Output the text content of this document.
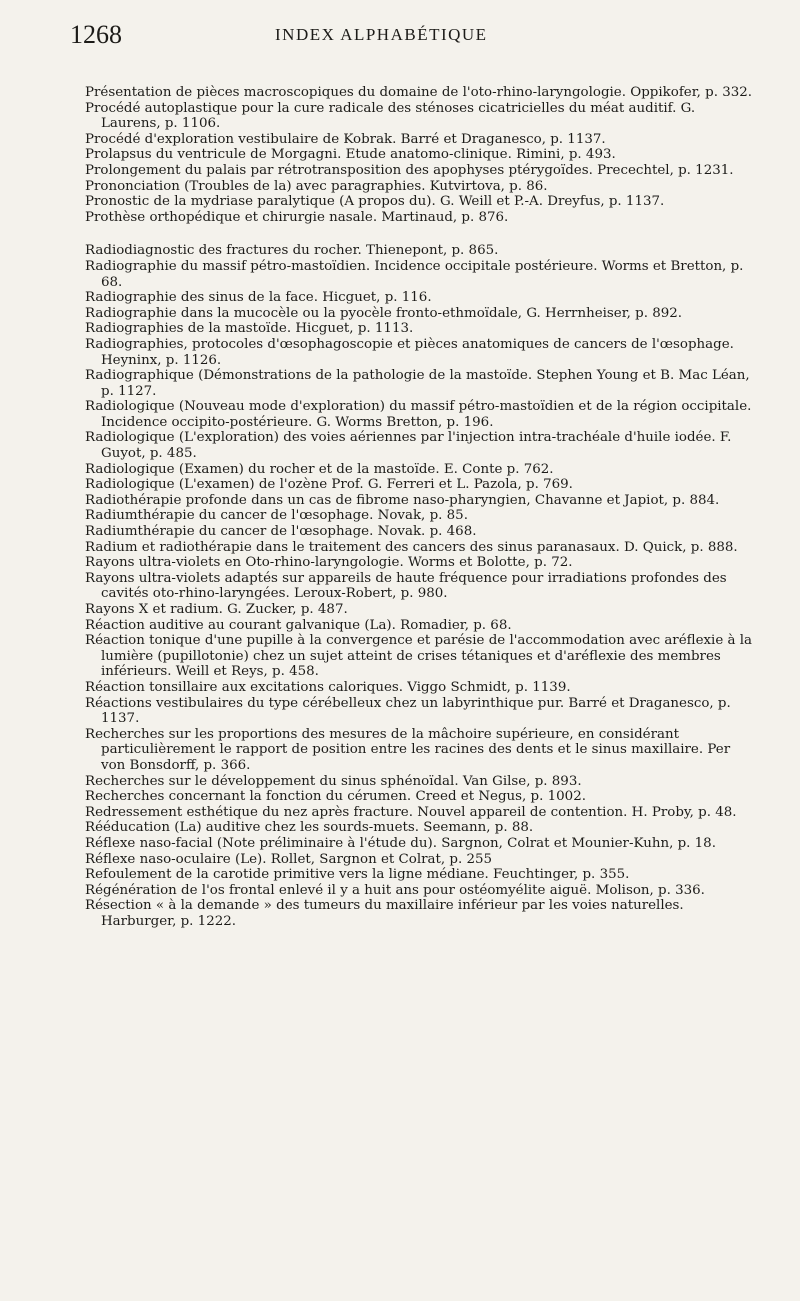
1268	INDEX ALPHABÉTIQUE

Présentation de pièces macroscopiques du domaine de l'oto-rhino-laryngologie. Oppikofer, p. 332.

Procédé autoplastique pour la cure radicale des sténoses cicatricielles du méat auditif. G. Laurens, p. 1106.

Procédé d'exploration vestibulaire de Kobrak. Barré et Draganesco, p. 1137.

Prolapsus du ventricule de Morgagni. Etude anatomo-clinique. Rimini, p. 493.

Prolongement du palais par rétrotransposition des apophyses ptérygoïdes. Precechtel, p. 1231.

Prononciation (Troubles de la) avec paragraphies. Kutvirtova, p. 86.

Pronostic de la mydriase paralytique (A propos du). G. Weill et P.-A. Dreyfus, p. 1137.

Prothèse orthopédique et chirurgie nasale. Martinaud, p. 876.

Radiodiagnostic des fractures du rocher. Thienepont, p. 865.

Radiographie du massif pétro-mastoïdien. Incidence occipitale postérieure. Worms et Bretton, p. 68.

Radiographie des sinus de la face. Hicguet, p. 116.

Radiographie dans la mucocèle ou la pyocèle fronto-ethmoïdale, G. Herrnheiser, p. 892.

Radiographies de la mastoïde. Hicguet, p. 1113.

Radiographies, protocoles d'œsophagoscopie et pièces anatomiques de cancers de l'œsophage. Heyninx, p. 1126.

Radiographique (Démonstrations de la pathologie de la mastoïde. Stephen Young et B. Mac Léan, p. 1127.

Radiologique (Nouveau mode d'exploration) du massif pétro-mastoïdien et de la région occipitale. Incidence occipito-postérieure. G. Worms Bretton, p. 196.

Radiologique (L'exploration) des voies aériennes par l'injection intra-trachéale d'huile iodée. F. Guyot, p. 485.

Radiologique (Examen) du rocher et de la mastoïde. E. Conte p. 762.

Radiologique (L'examen) de l'ozène Prof. G. Ferreri et L. Pazola, p. 769.

Radiothérapie profonde dans un cas de fibrome naso-pharyngien, Chavanne et Japiot, p. 884.

Radiumthérapie du cancer de l'œsophage. Novak, p. 85.

Radiumthérapie du cancer de l'œsophage. Novak. p. 468.

Radium et radiothérapie dans le traitement des cancers des sinus paranasaux. D. Quick, p. 888.

Rayons ultra-violets en Oto-rhino-laryngologie. Worms et Bolotte, p. 72.

Rayons ultra-violets adaptés sur appareils de haute fréquence pour irradiations profondes des cavités oto-rhino-laryngées. Leroux-Robert, p. 980.

Rayons X et radium. G. Zucker, p. 487.

Réaction auditive au courant galvanique (La). Romadier, p. 68.

Réaction tonique d'une pupille à la convergence et parésie de l'accommodation avec aréflexie à la lumière (pupillotonie) chez un sujet atteint de crises tétaniques et d'aréflexie des membres inférieurs. Weill et Reys, p. 458.

Réaction tonsillaire aux excitations caloriques. Viggo Schmidt, p. 1139.

Réactions vestibulaires du type cérébelleux chez un labyrinthique pur. Barré et Draganesco, p. 1137.

Recherches sur les proportions des mesures de la mâchoire supérieure, en considérant particulièrement le rapport de position entre les racines des dents et le sinus maxillaire. Per von Bonsdorff, p. 366.

Recherches sur le développement du sinus sphénoïdal. Van Gilse, p. 893.

Recherches concernant la fonction du cérumen. Creed et Negus, p. 1002.

Redressement esthétique du nez après fracture. Nouvel appareil de contention. H. Proby, p. 48.

Rééducation (La) auditive chez les sourds-muets. Seemann, p. 88.

Réflexe naso-facial (Note préliminaire à l'étude du). Sargnon, Colrat et Mounier-Kuhn, p. 18.

Réflexe naso-oculaire (Le). Rollet, Sargnon et Colrat, p. 255

Refoulement de la carotide primitive vers la ligne médiane. Feuchtinger, p. 355.

Régénération de l'os frontal enlevé il y a huit ans pour ostéomyélite aiguë. Molison, p. 336.

Résection « à la demande » des tumeurs du maxillaire inférieur par les voies naturelles. Harburger, p. 1222.
